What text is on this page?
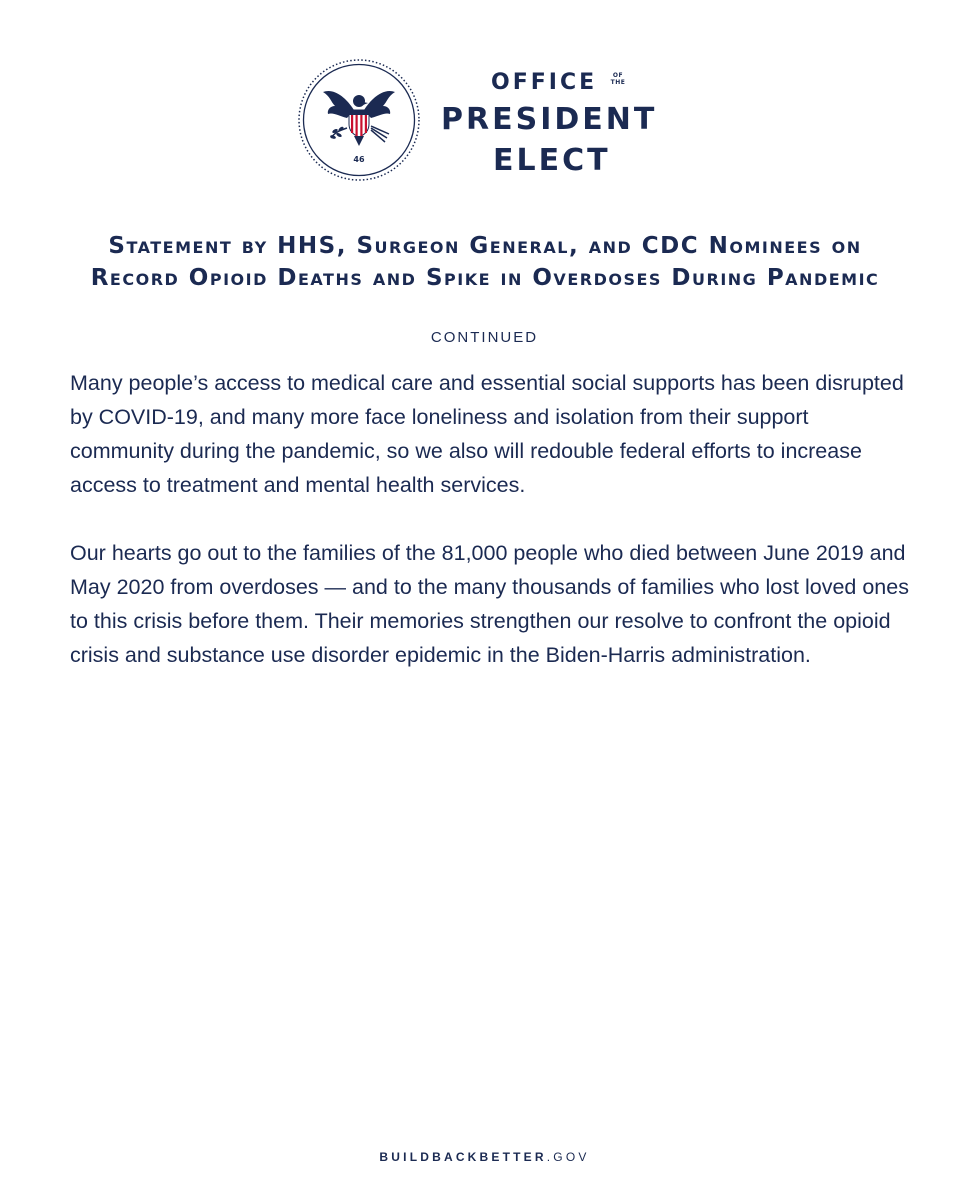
46
OFFICE	OF
THE
PRESIDENT
ELECT
Statement by HHS, Surgeon General, and CDC Nominees on Record Opioid Deaths and Spike in Overdoses During Pandemic
CONTINUED

Many people’s access to medical care and essential social supports has been disrupted by COVID-19, and many more face loneliness and isolation from their support community during the pandemic, so we also will redouble federal efforts to increase access to treatment and mental health services.

Our hearts go out to the families of the 81,000 people who died between June 2019 and May 2020 from overdoses — and to the many thousands of families who lost loved ones to this crisis before them. Their memories strengthen our resolve to confront the opioid crisis and substance use disorder epidemic in the Biden-Harris administration.

BUILDBACKBETTER.GOV
